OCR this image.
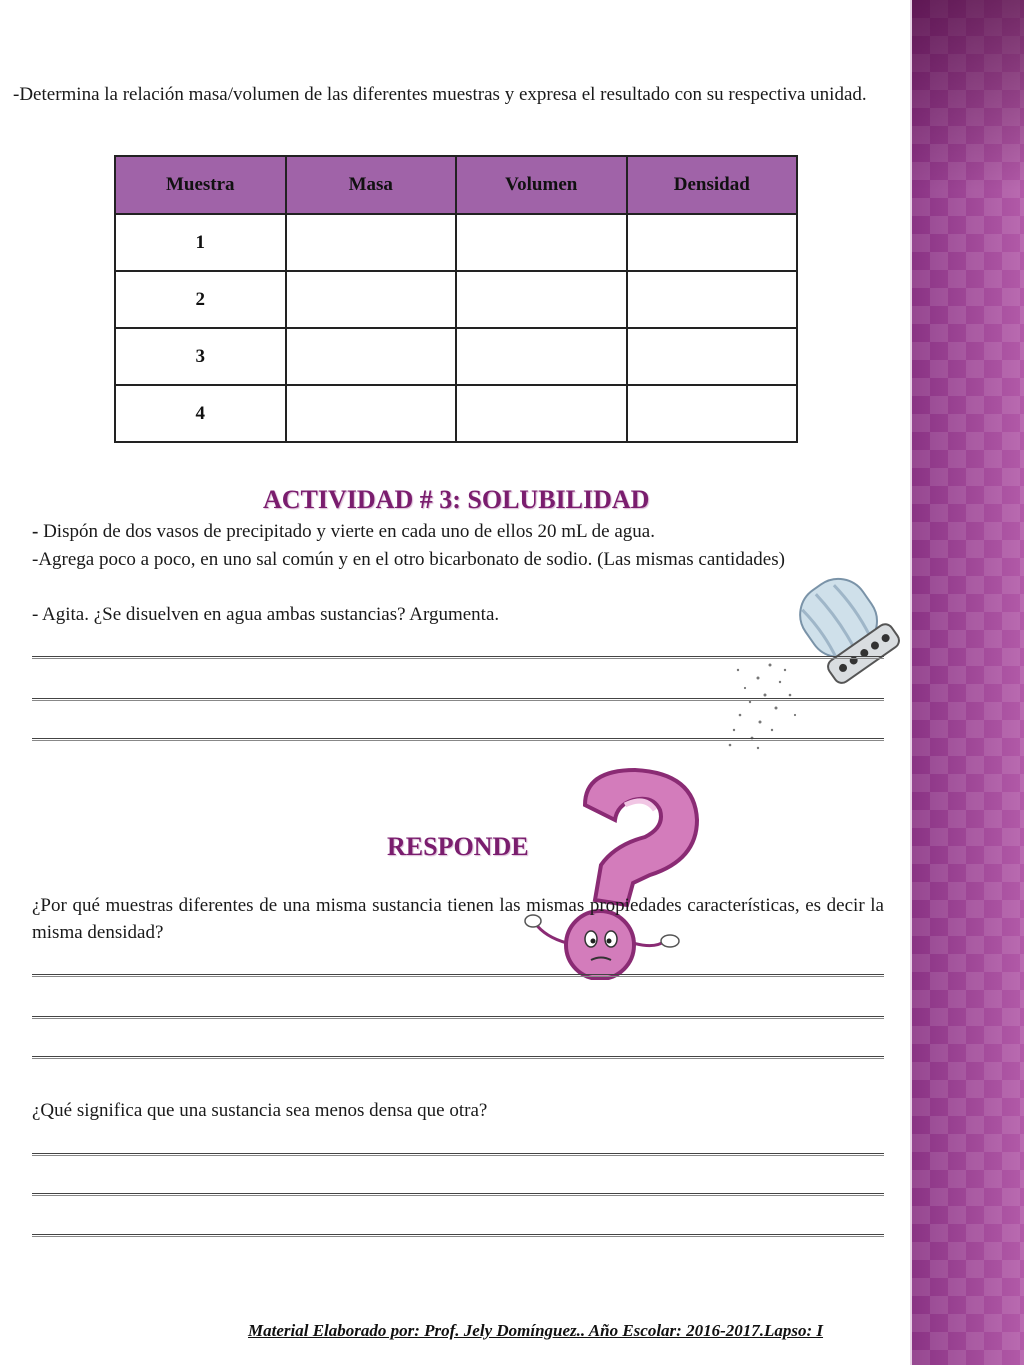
-Determina la relación masa/volumen de las diferentes muestras y expresa el resultado con su respectiva unidad.

Muestra	Masa	Volumen	Densidad
1			
2			
3			
4			
ACTIVIDAD # 3: SOLUBILIDAD

- Dispón de dos vasos de precipitado y vierte en cada uno de ellos 20 mL de agua.

-Agrega poco a poco, en uno sal común y en el otro bicarbonato de sodio. (Las mismas cantidades)

- Agita. ¿Se disuelven en agua ambas sustancias? Argumenta.

RESPONDE

¿Por qué muestras diferentes de una misma sustancia tienen las mismas propiedades características, es decir la misma densidad?

¿Qué significa que una sustancia sea menos densa que otra?

Material Elaborado por: Prof. Jely Domínguez.. Año Escolar: 2016-2017.Lapso: I
